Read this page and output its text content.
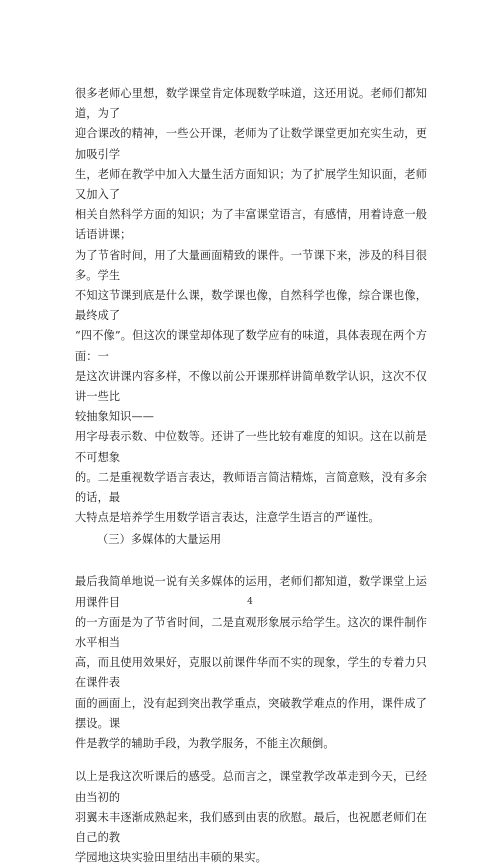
很多老师心里想，数学课堂肯定体现数学味道，这还用说。老师们都知道，为了
迎合课改的精神，一些公开课，老师为了让数学课堂更加充实生动，更加吸引学
生，老师在教学中加入大量生活方面知识；为了扩展学生知识面，老师又加入了
相关自然科学方面的知识；为了丰富课堂语言，有感情，用着诗意一般话语讲课；
为了节省时间，用了大量画面精致的课件。一节课下来，涉及的科目很多。学生
不知这节课到底是什么课，数学课也像，自然科学也像，综合课也像，最终成了
“四不像”。但这次的课堂却体现了数学应有的味道，具体表现在两个方面：一
是这次讲课内容多样，不像以前公开课那样讲简单数学认识，这次不仅讲一些比
较抽象知识——
用字母表示数、中位数等。还讲了一些比较有难度的知识。这在以前是不可想象
的。二是重视数学语言表达，教师语言简洁精炼，言简意赅，没有多余的话，最
大特点是培养学生用数学语言表达，注意学生语言的严谨性。
（三）多媒体的大量运用
最后我简单地说一说有关多媒体的运用，老师们都知道，数学课堂上运用课件目
的一方面是为了节省时间，二是直观形象展示给学生。这次的课件制作水平相当
高，而且使用效果好，克服以前课件华而不实的现象，学生的专着力只在课件表
面的画面上，没有起到突出教学重点，突破教学难点的作用，课件成了摆设。课
件是教学的辅助手段，为教学服务，不能主次颠倒。
以上是我这次听课后的感受。总而言之，课堂教学改革走到今天，已经由当初的
羽翼未丰逐渐成熟起来，我们感到由衷的欣慰。最后，也祝愿老师们在自己的教
学园地这块实验田里结出丰硕的果实。
4
